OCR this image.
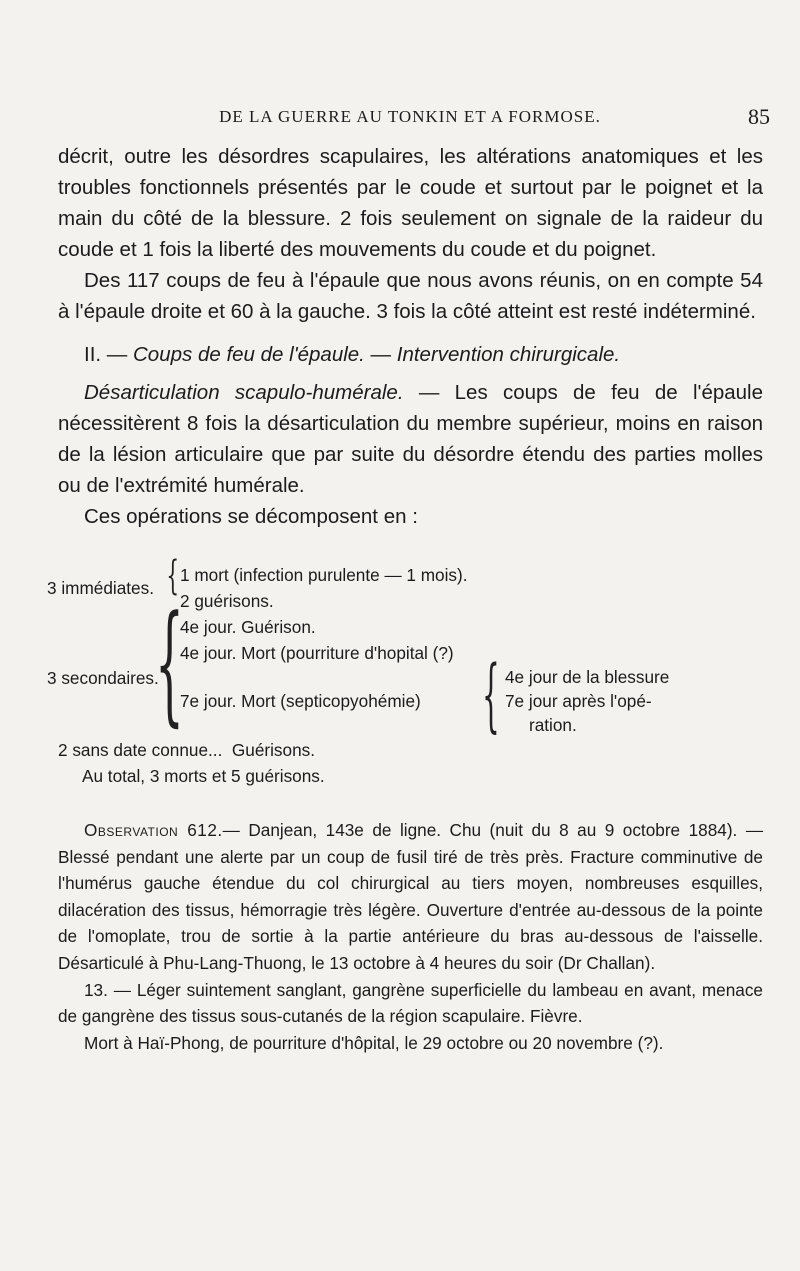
DE LA GUERRE AU TONKIN ET A FORMOSE.	85

décrit, outre les désordres scapulaires, les altérations anatomiques et les troubles fonctionnels présentés par le coude et surtout par le poignet et la main du côté de la blessure. 2 fois seulement on signale de la raideur du coude et 1 fois la liberté des mouvements du coude et du poignet.

Des 117 coups de feu à l'épaule que nous avons réunis, on en compte 54 à l'épaule droite et 60 à la gauche. 3 fois la côté atteint est resté indéterminé.

II. — Coups de feu de l'épaule. — Intervention chirurgicale.

Désarticulation scapulo-humérale. — Les coups de feu de l'épaule nécessitèrent 8 fois la désarticulation du membre supérieur, moins en raison de la lésion articulaire que par suite du désordre étendu des parties molles ou de l'extrémité humérale.

Ces opérations se décomposent en :

3 immédiates. { 1 mort (infection purulente — 1 mois).
2 guérisons.
3 secondaires.
{
4e jour. Guérison.
4e jour. Mort (pourriture d'hopital (?)
7e jour. Mort (septicopyohémie) { 4e jour de la blessure
7e jour après l'opé-
ration.
2 sans date connue...  Guérisons.
Au total, 3 morts et 5 guérisons.

Observation 612.— Danjean, 143e de ligne. Chu (nuit du 8 au 9 octobre 1884). — Blessé pendant une alerte par un coup de fusil tiré de très près. Fracture comminutive de l'humérus gauche étendue du col chirurgical au tiers moyen, nombreuses esquilles, dilacération des tissus, hémorragie très légère. Ouverture d'entrée au-dessous de la pointe de l'omoplate, trou de sortie à la partie antérieure du bras au-dessous de l'aisselle. Désarticulé à Phu-Lang-Thuong, le 13 octobre à 4 heures du soir (Dr Challan).

13. — Léger suintement sanglant, gangrène superficielle du lambeau en avant, menace de gangrène des tissus sous-cutanés de la région scapulaire. Fièvre.

Mort à Haï-Phong, de pourriture d'hôpital, le 29 octobre ou 20 novembre (?).
